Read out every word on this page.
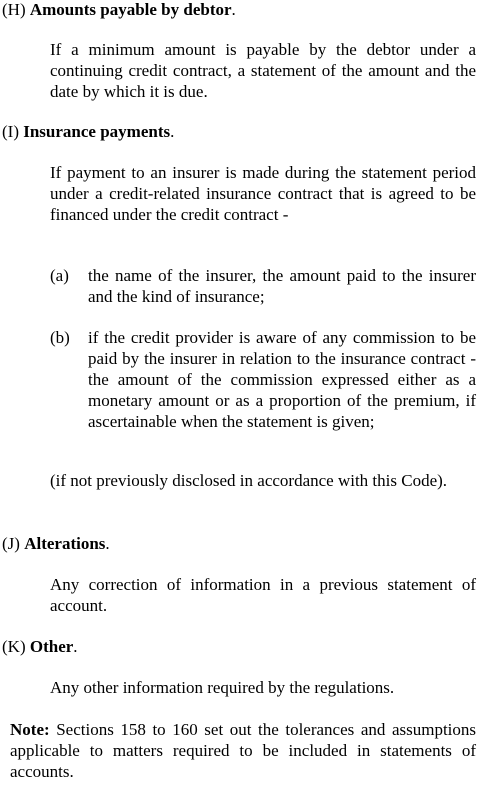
(H) Amounts payable by debtor.
If a minimum amount is payable by the debtor under a continuing credit contract, a statement of the amount and the date by which it is due.
(I) Insurance payments.
If payment to an insurer is made during the statement period under a credit-related insurance contract that is agreed to be financed under the credit contract -
(a) the name of the insurer, the amount paid to the insurer and the kind of insurance;
(b) if the credit provider is aware of any commission to be paid by the insurer in relation to the insurance contract - the amount of the commission expressed either as a monetary amount or as a proportion of the premium, if ascertainable when the statement is given;
(if not previously disclosed in accordance with this Code).
(J) Alterations.
Any correction of information in a previous statement of account.
(K) Other.
Any other information required by the regulations.
Note: Sections 158 to 160 set out the tolerances and assumptions applicable to matters required to be included in statements of accounts.
